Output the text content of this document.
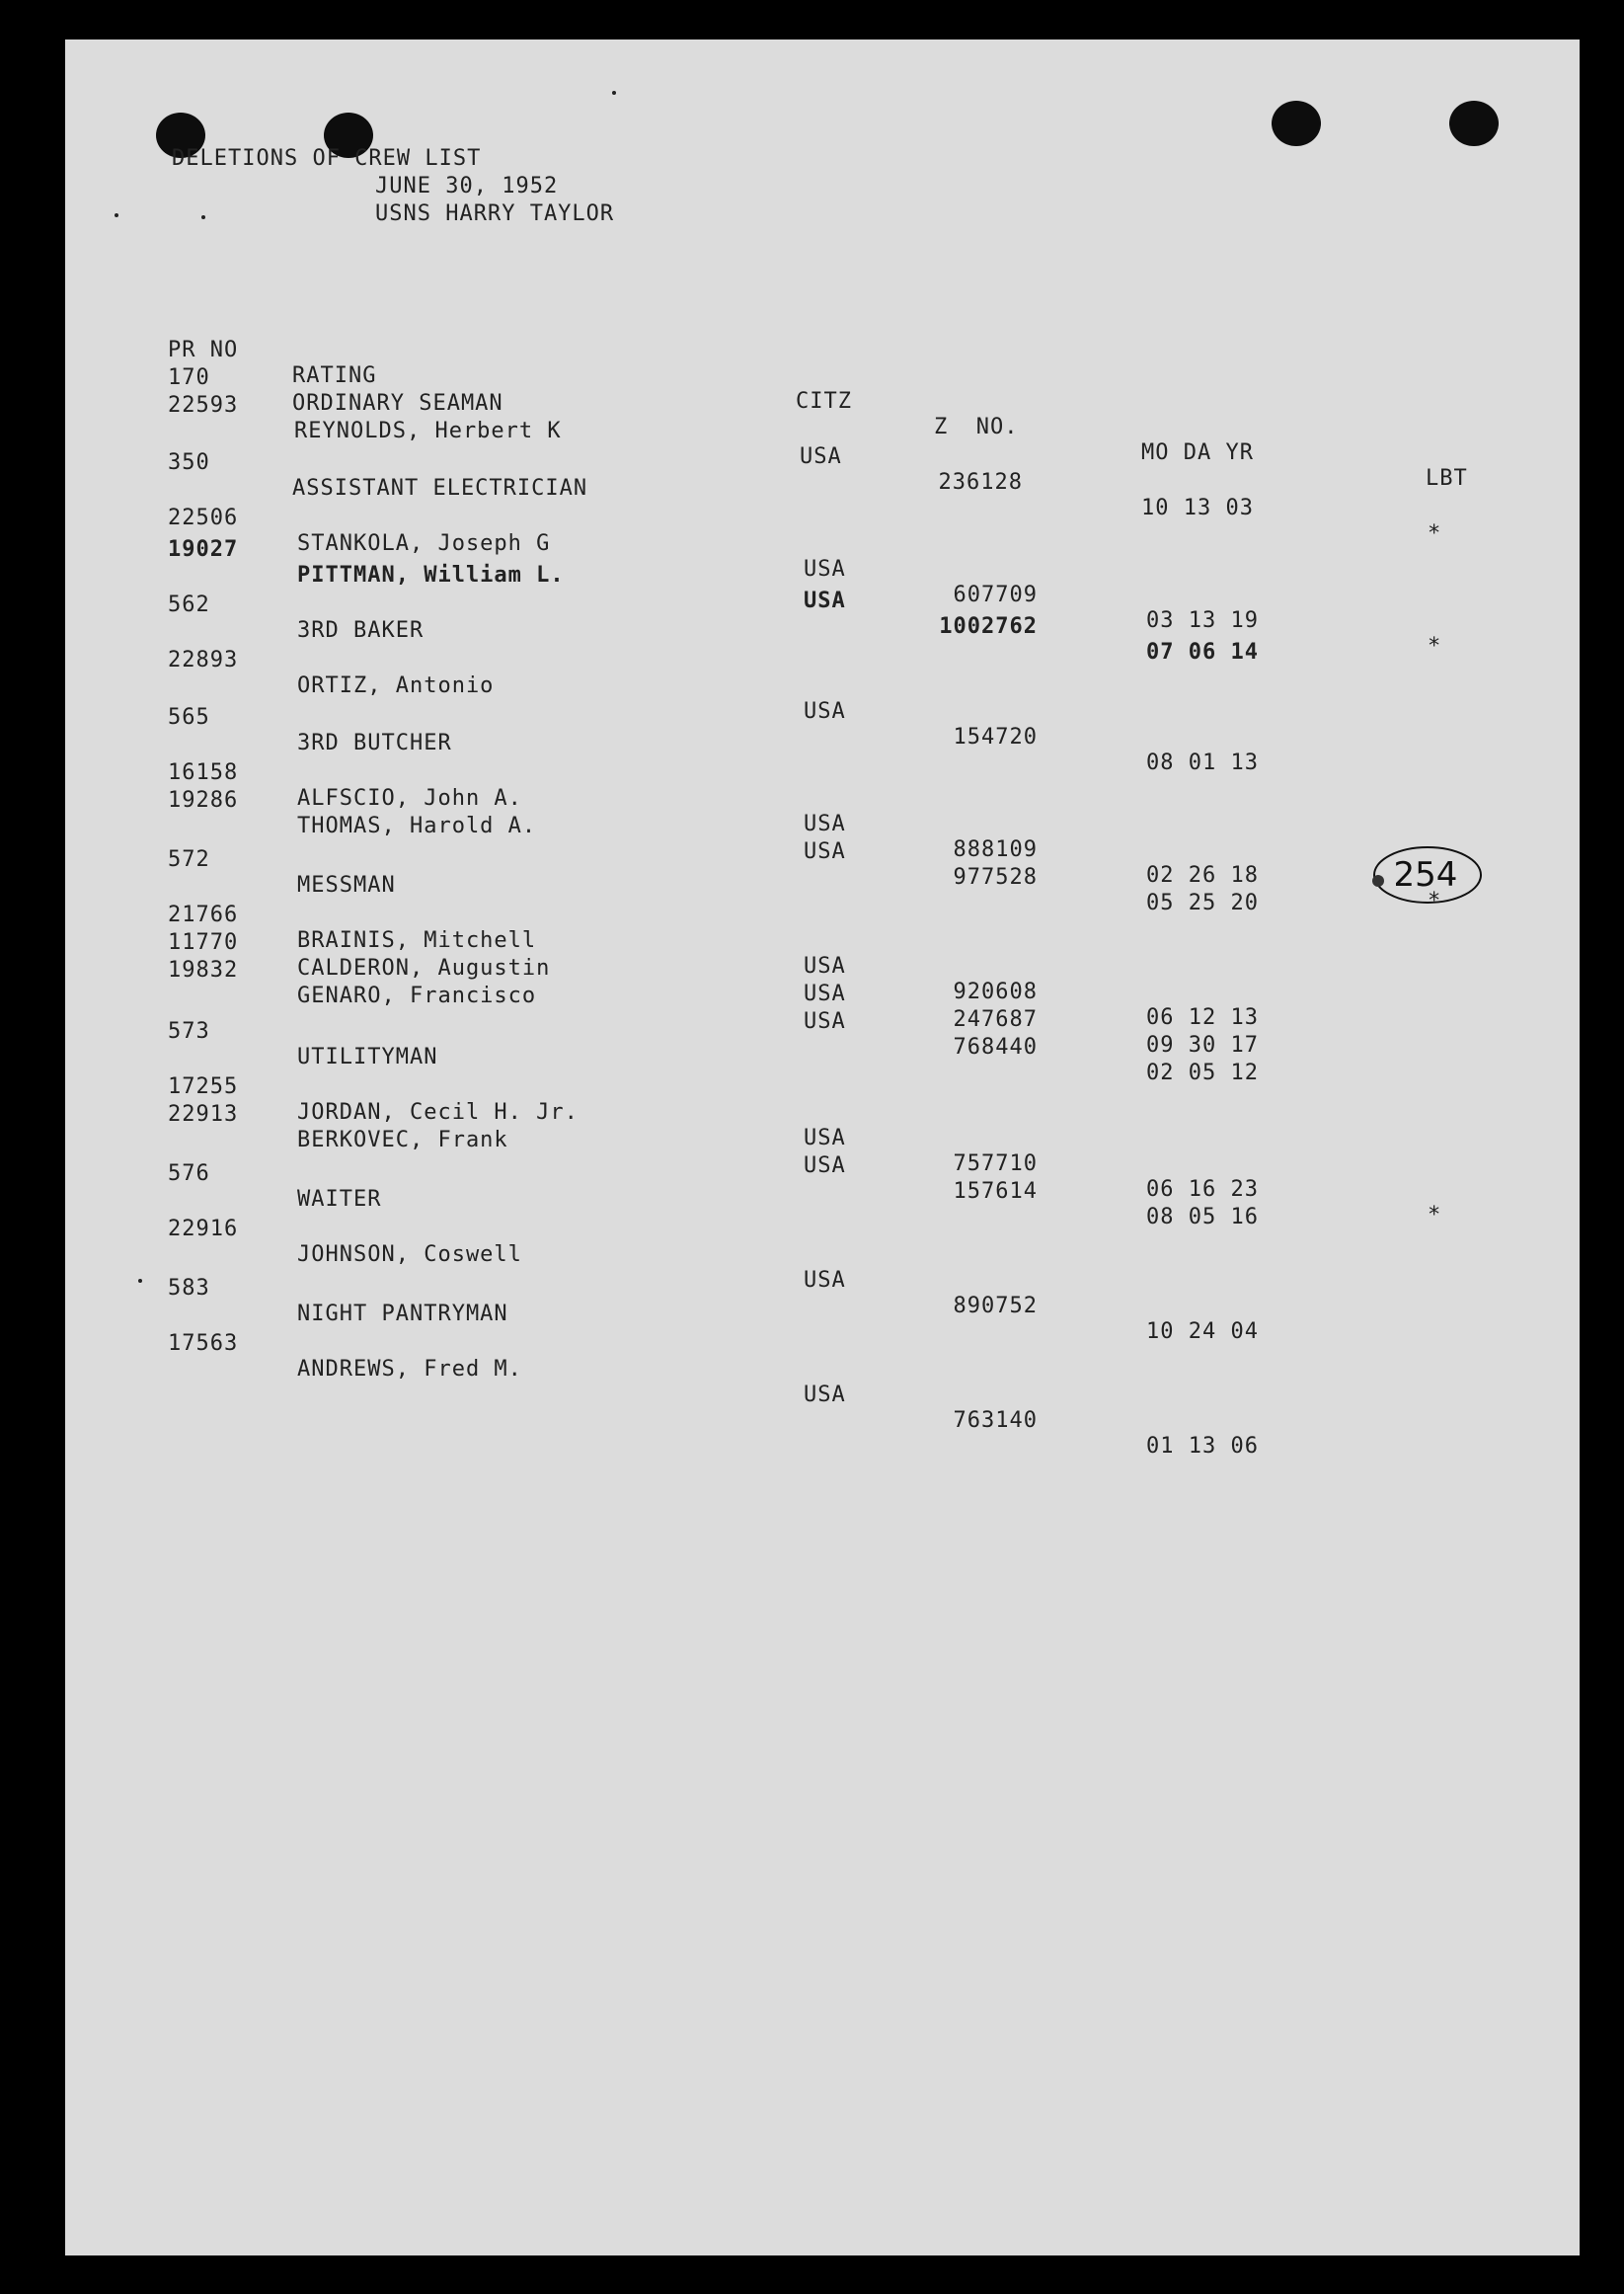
DELETIONS OF CREW LIST
JUNE 30, 1952
USNS HARRY TAYLOR

PR NO

RATING

CITZ

Z  NO.

MO DA YR

LBT

170

ORDINARY SEAMAN

22593

REYNOLDS, Herbert K

USA

236128

10 13 03

*

350

ASSISTANT ELECTRICIAN

22506

STANKOLA, Joseph G

USA

607709

03 13 19

*

19027

PITTMAN, William L.

USA

1002762

07 06 14

562

3RD BAKER

22893

ORTIZ, Antonio

USA

154720

08 01 13

565

3RD BUTCHER

16158

ALFSCIO, John A.

USA

888109

02 26 18

*

19286

THOMAS, Harold A.

USA

977528

05 25 20

572

MESSMAN

21766

BRAINIS, Mitchell

USA

920608

06 12 13

11770

CALDERON, Augustin

USA

247687

09 30 17

19832

GENARO, Francisco

USA

768440

02 05 12

573

UTILITYMAN

17255

JORDAN, Cecil H. Jr.

USA

757710

06 16 23

*

22913

BERKOVEC, Frank

USA

157614

08 05 16

576

WAITER

22916

JOHNSON, Coswell

USA

890752

10 24 04

583

NIGHT PANTRYMAN

17563

ANDREWS, Fred M.

USA

763140

01 13 06

254
